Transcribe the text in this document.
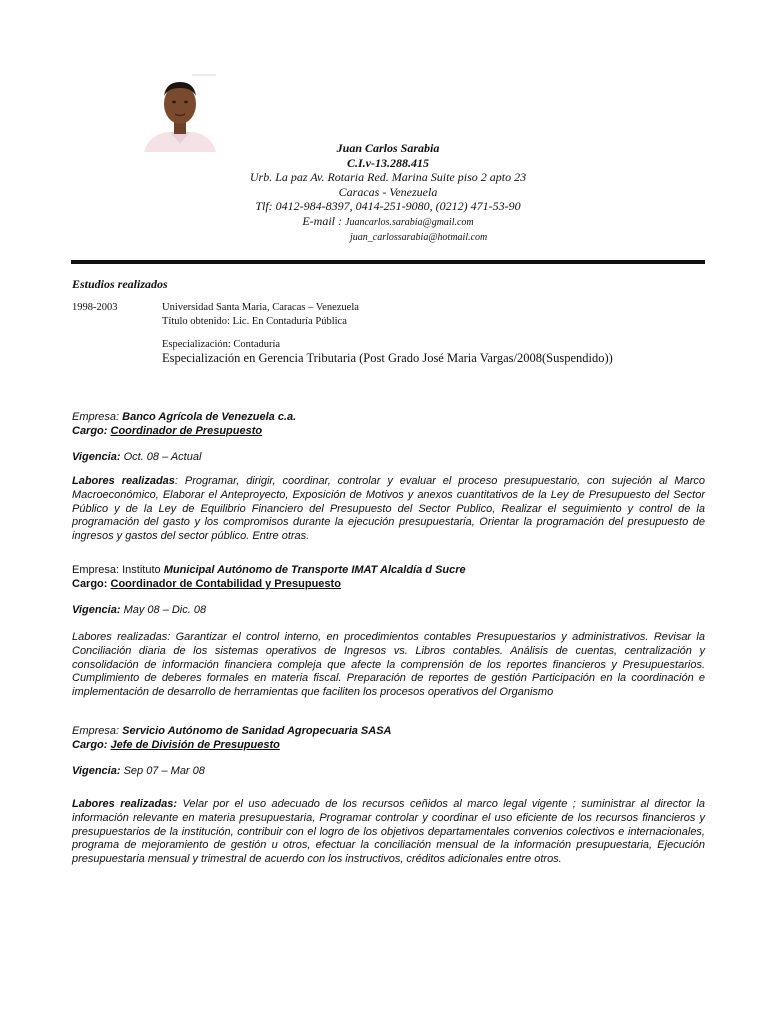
Juan Carlos Sarabia
C.I.v-13.288.415
Urb. La paz Av. Rotaria Red. Marina Suite piso 2 apto 23
Caracas - Venezuela
Tlf: 0412-984-8397, 0414-251-9080, (0212) 471-53-90
E-mail : Juancarlos.sarabia@gmail.com
juan_carlossarabia@hotmail.com
Estudios realizados
1998-2003	Universidad Santa Maria, Caracas – Venezuela
Título obtenido: Lic. En Contaduría Pública
Especialización: Contaduría
Especialización en Gerencia Tributaria (Post Grado José Maria Vargas/2008(Suspendido))

Empresa: Banco Agrícola de Venezuela c.a.

Cargo: Coordinador de Presupuesto

Vigencia: Oct. 08 – Actual

Labores realizadas: Programar, dirigir, coordinar, controlar y evaluar el proceso presupuestario, con sujeción al Marco Macroeconómico, Elaborar el Anteproyecto, Exposición de Motivos y anexos cuantitativos de la Ley de Presupuesto del Sector Público y de la Ley de Equilibrio Financiero del Presupuesto del Sector Publico, Realizar el seguimiento y control de la programación del gasto y los compromisos durante la ejecución presupuestaria, Orientar la programación del presupuesto de ingresos y gastos del sector público. Entre otras.

Empresa: Instituto Municipal Autónomo de Transporte IMAT Alcaldía d Sucre

Cargo: Coordinador de Contabilidad y Presupuesto

Vigencia: May 08 – Dic. 08

Labores realizadas: Garantizar el control interno, en procedimientos contables Presupuestarios y administrativos. Revisar la Conciliación diaria de los sistemas operativos de Ingresos vs. Libros contables. Análisis de cuentas, centralización y consolidación de información financiera compleja que afecte la comprensión de los reportes financieros y Presupuestarios. Cumplimiento de deberes formales en materia fiscal. Preparación de reportes de gestión Participación en la coordinación e implementación de desarrollo de herramientas que faciliten los procesos operativos del Organismo

Empresa: Servicio Autónomo de Sanidad Agropecuaria SASA

Cargo: Jefe de División de Presupuesto

Vigencia: Sep 07 – Mar 08

Labores realizadas: Velar por el uso adecuado de los recursos ceñidos al marco legal vigente ; suministrar al director la información relevante en materia presupuestaria, Programar controlar y coordinar el uso eficiente de los recursos financieros y presupuestarios de la institución, contribuir con el logro de los objetivos departamentales convenios colectivos e internacionales, programa de mejoramiento de gestión u otros, efectuar la conciliación mensual de la información presupuestaria, Ejecución presupuestaria mensual y trimestral de acuerdo con los instructivos, créditos adicionales entre otros.
